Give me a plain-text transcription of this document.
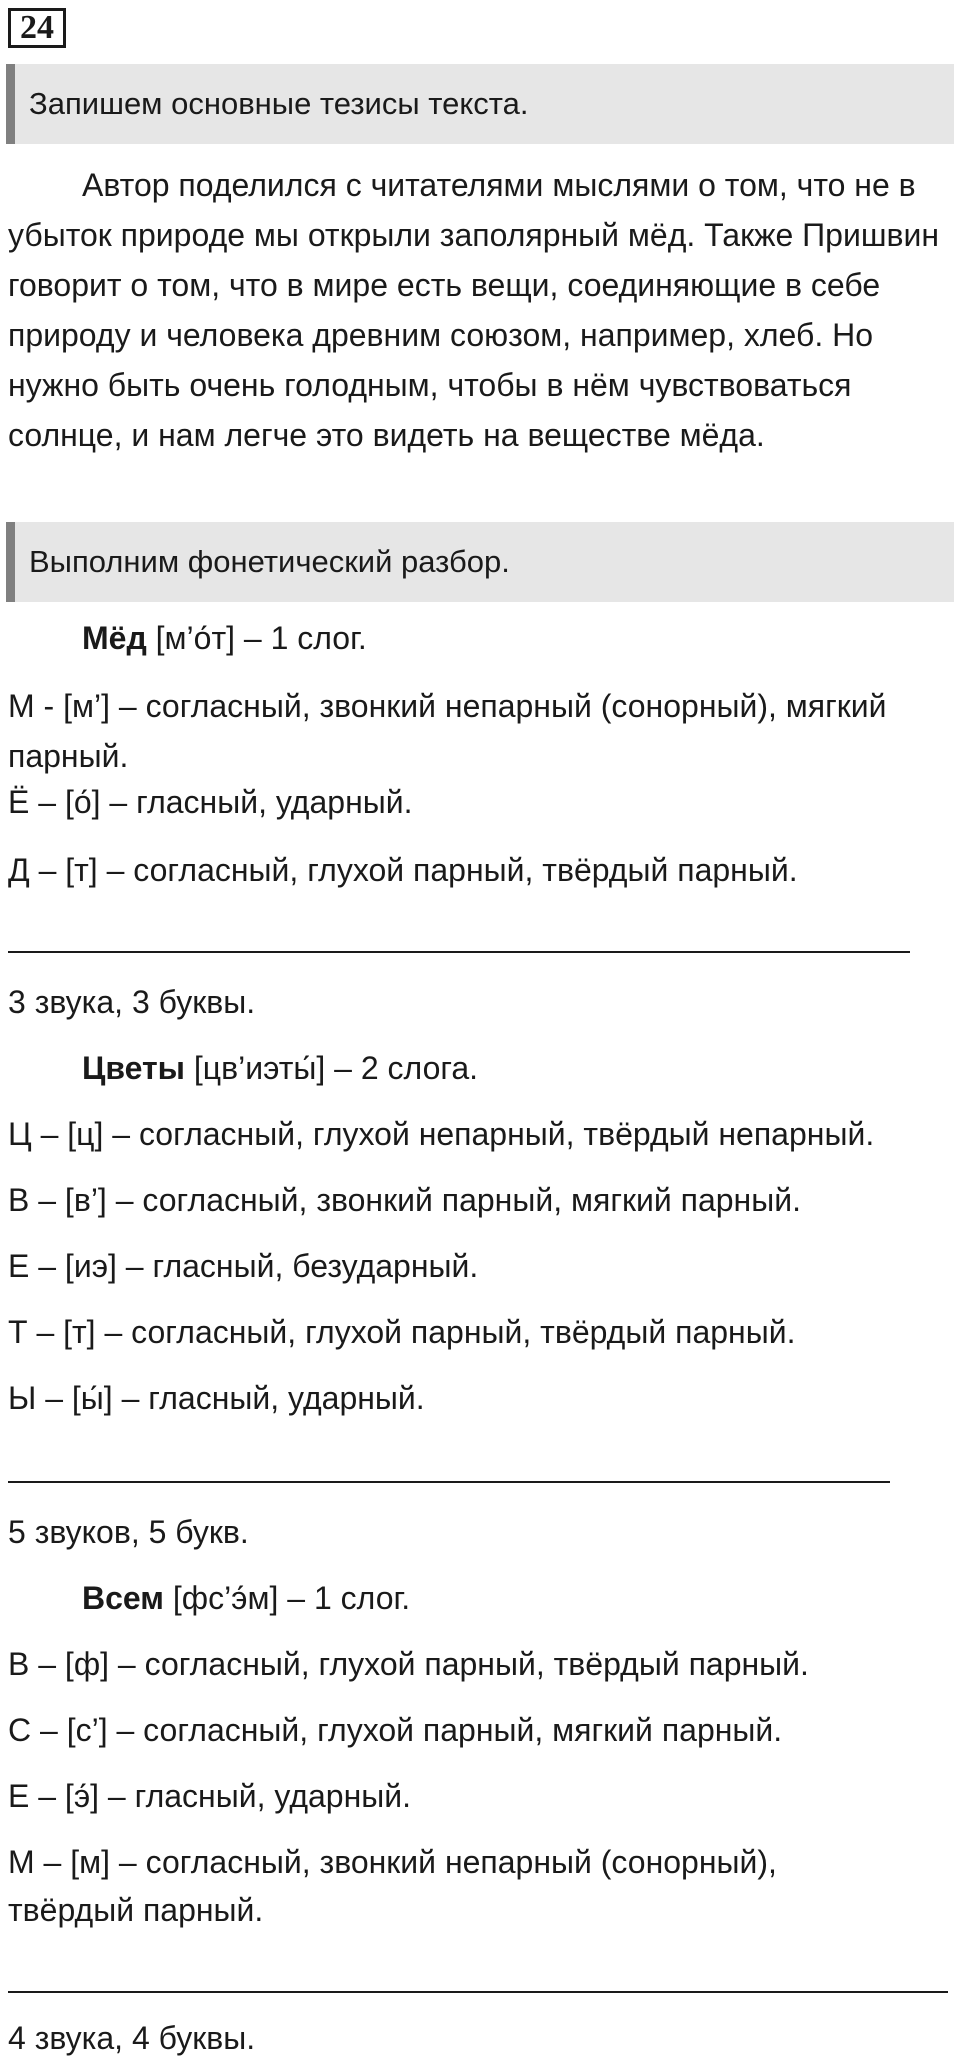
24
Запишем основные тезисы текста.

Автор поделился с читателями мыслями о том, что не в убыток природе мы открыли заполярный мёд. Также Пришвин говорит о том, что в мире есть вещи, соединяющие в себе природу и человека древним союзом, например, хлеб. Но нужно быть очень голодным, чтобы в нём чувствоваться солнце, и нам легче это видеть на веществе мёда.

Выполним фонетический разбор.
Мёд [м’о́т] – 1 слог.
М - [м’] – согласный, звонкий непарный (сонорный), мягкий
парный.
Ё – [о́] – гласный, ударный.
Д – [т] – согласный, глухой парный, твёрдый парный.
3 звука, 3 буквы.
Цветы [цв’иэты́] – 2 слога.
Ц – [ц] – согласный, глухой непарный, твёрдый непарный.
В – [в’] – согласный, звонкий парный, мягкий парный.
Е – [иэ] – гласный, безударный.
Т – [т] – согласный, глухой парный, твёрдый парный.
Ы – [ы́] – гласный, ударный.
5 звуков, 5 букв.
Всем [фс’э́м] – 1 слог.
В – [ф] – согласный, глухой парный, твёрдый парный.
С – [с’] – согласный, глухой парный, мягкий парный.
Е – [э́] – гласный, ударный.
М – [м] – согласный, звонкий непарный (сонорный),
твёрдый парный.
4 звука, 4 буквы.
